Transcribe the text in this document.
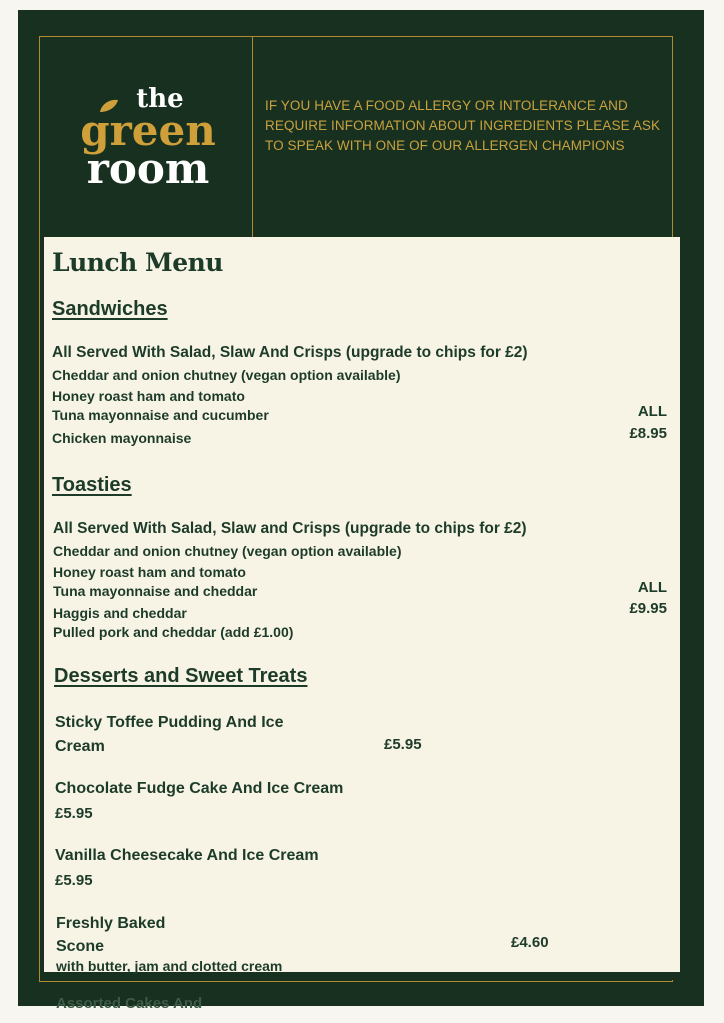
the
green
room
IF YOU HAVE A FOOD ALLERGY OR INTOLERANCE AND REQUIRE INFORMATION ABOUT INGREDIENTS PLEASE ASK TO SPEAK WITH ONE OF OUR ALLERGEN CHAMPIONS
Assorted Cakes And
Lunch Menu
Sandwiches
All Served With Salad, Slaw And Crisps (upgrade to chips for £2)
Cheddar and onion chutney (vegan option available)
Honey roast ham and tomato
Tuna mayonnaise and cucumber
Chicken mayonnaise
ALL
£8.95
Toasties
All Served With Salad, Slaw and Crisps (upgrade to chips for £2)
Cheddar and onion chutney (vegan option available)
Honey roast ham and tomato
Tuna mayonnaise and cheddar
Haggis and cheddar
Pulled pork and cheddar (add £1.00)
ALL
£9.95
Desserts and Sweet Treats
Sticky Toffee Pudding And Ice
Cream	£5.95
Chocolate Fudge Cake And Ice Cream
£5.95
Vanilla Cheesecake And Ice Cream
£5.95
Freshly Baked
Scone
with butter, jam and clotted cream
£4.60
